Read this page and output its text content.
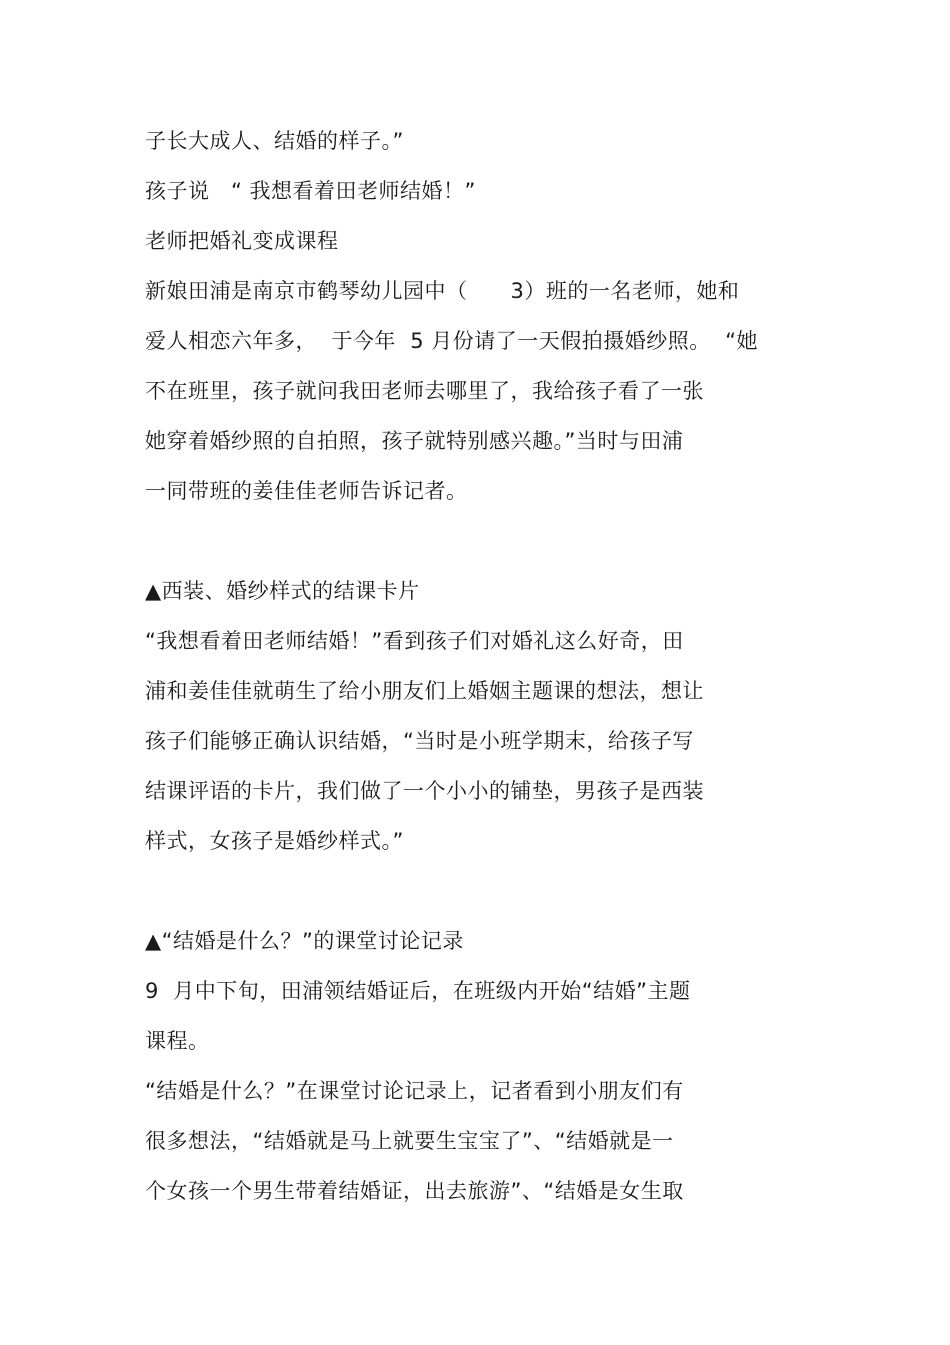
子长大成人、结婚的样子。”
孩子说　“ 我想看着田老师结婚！”
老师把婚礼变成课程
新娘田浦是南京市鹤琴幼儿园中（　　3）班的一名老师，她和
爱人相恋六年多，  于今年  5 月份请了一天假拍摄婚纱照。  “她
不在班里，孩子就问我田老师去哪里了，我给孩子看了一张
她穿着婚纱照的自拍照，孩子就特别感兴趣。”当时与田浦
一同带班的姜佳佳老师告诉记者。
▲西装、婚纱样式的结课卡片
“我想看着田老师结婚！”看到孩子们对婚礼这么好奇，田
浦和姜佳佳就萌生了给小朋友们上婚姻主题课的想法，想让
孩子们能够正确认识结婚，“当时是小班学期末，给孩子写
结课评语的卡片，我们做了一个小小的铺垫，男孩子是西装
样式，女孩子是婚纱样式。”
▲“结婚是什么？”的课堂讨论记录
9  月中下旬，田浦领结婚证后，在班级内开始“结婚”主题
课程。
“结婚是什么？”在课堂讨论记录上，记者看到小朋友们有
很多想法，“结婚就是马上就要生宝宝了”、“结婚就是一
个女孩一个男生带着结婚证，出去旅游”、“结婚是女生取
